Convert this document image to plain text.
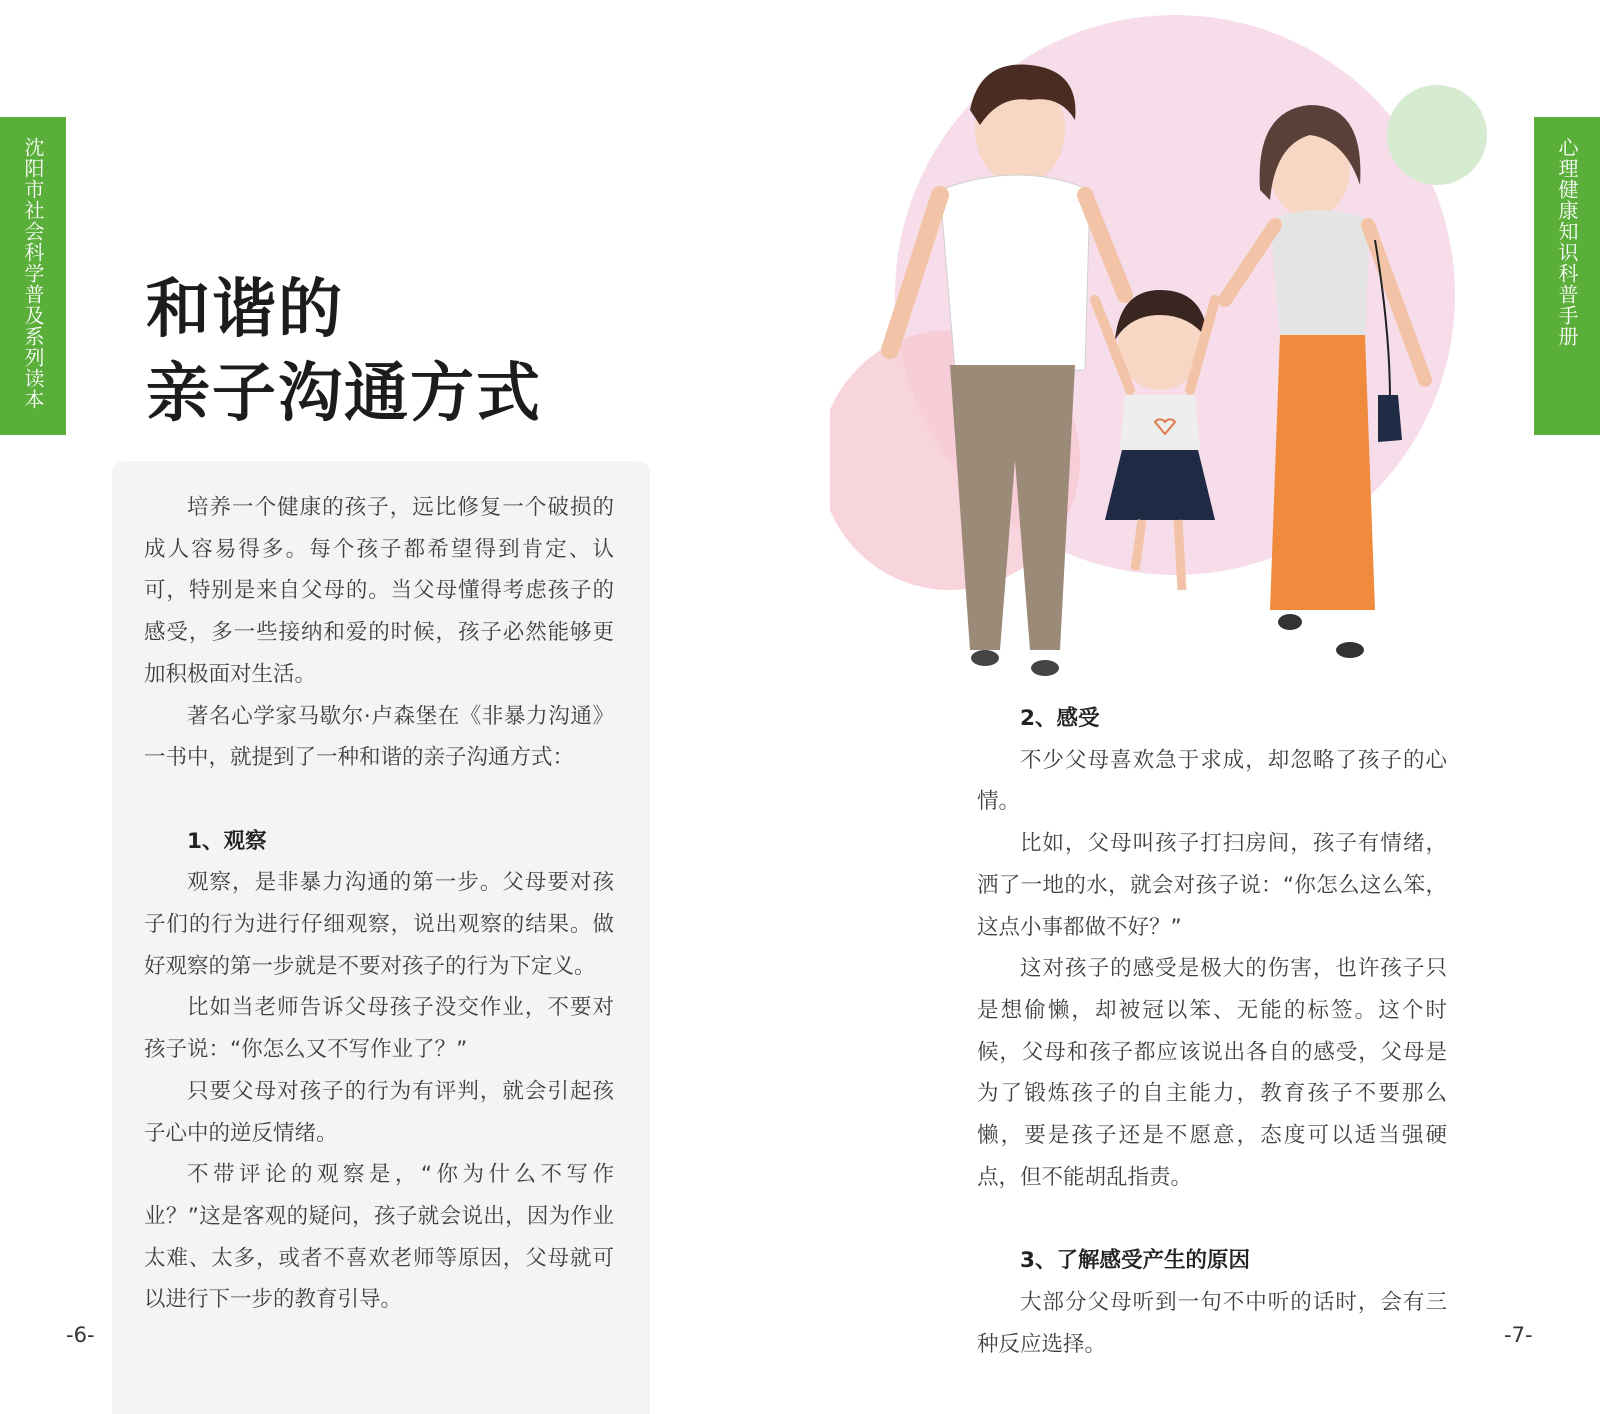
沈阳市社会科学普及系列读本	心理健康知识科普手册
和谐的
亲子沟通方式

培养一个健康的孩子，远比修复一个破损的成人容易得多。每个孩子都希望得到肯定、认可，特别是来自父母的。当父母懂得考虑孩子的感受，多一些接纳和爱的时候，孩子必然能够更加积极面对生活。

著名心学家马歇尔·卢森堡在《非暴力沟通》一书中，就提到了一种和谐的亲子沟通方式：

1、观察

观察，是非暴力沟通的第一步。父母要对孩子们的行为进行仔细观察，说出观察的结果。做好观察的第一步就是不要对孩子的行为下定义。

比如当老师告诉父母孩子没交作业，不要对孩子说：“你怎么又不写作业了？”

只要父母对孩子的行为有评判，就会引起孩子心中的逆反情绪。

不带评论的观察是，“你为什么不写作业？”这是客观的疑问，孩子就会说出，因为作业太难、太多，或者不喜欢老师等原因，父母就可以进行下一步的教育引导。

2、感受

不少父母喜欢急于求成，却忽略了孩子的心情。

比如，父母叫孩子打扫房间，孩子有情绪，洒了一地的水，就会对孩子说：“你怎么这么笨，这点小事都做不好？”

这对孩子的感受是极大的伤害，也许孩子只是想偷懒，却被冠以笨、无能的标签。这个时候，父母和孩子都应该说出各自的感受，父母是为了锻炼孩子的自主能力，教育孩子不要那么懒，要是孩子还是不愿意，态度可以适当强硬点，但不能胡乱指责。

3、了解感受产生的原因

大部分父母听到一句不中听的话时，会有三种反应选择。

-6-	-7-
